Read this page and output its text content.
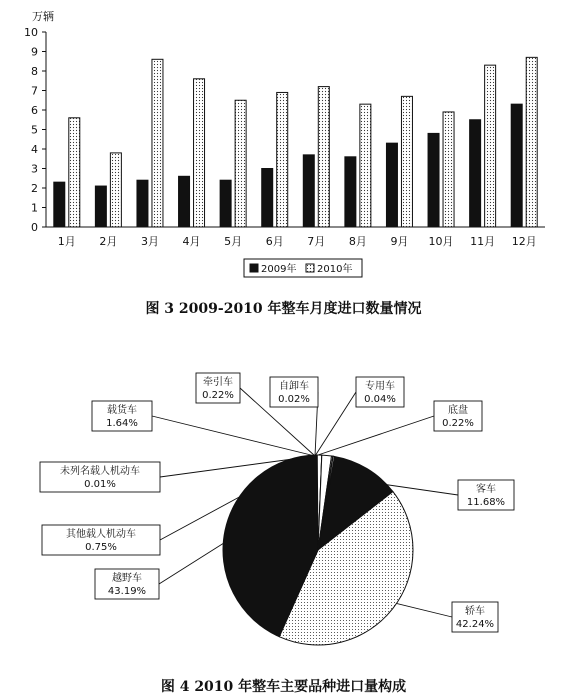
万辆
0
1
2
3
4
5
6
7
8
9
10
1月 2月 3月 4月 5月 6月 7月 8月 9月 10月 11月 12月
2009年 2010年
图 3 2009-2010 年整车月度进口数量情况
客车
11.68%
轿车
42.24%
越野车
43.19%
其他载人机动车
0.75%
未列名载人机动车
0.01%
载货车
1.64%
牵引车
0.22%
自卸车
0.02%
专用车
0.04%
底盘
0.22%
图 4 2010 年整车主要品种进口量构成
